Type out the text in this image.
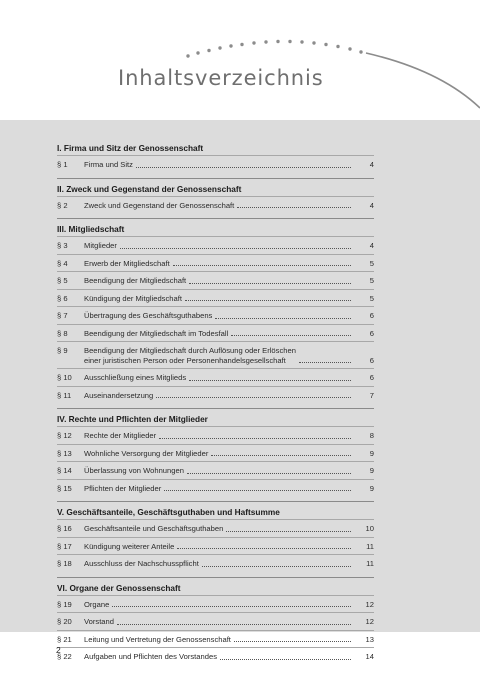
Inhaltsverzeichnis
I. Firma und Sitz der Genossenschaft
§ 1	Firma und Sitz	4
II. Zweck und Gegenstand der Genossenschaft
§ 2	Zweck und Gegenstand der Genossenschaft	4
III. Mitgliedschaft
§ 3	Mitglieder	4
§ 4	Erwerb der Mitgliedschaft	5
§ 5	Beendigung der Mitgliedschaft	5
§ 6	Kündigung der Mitgliedschaft	5
§ 7	Übertragung des Geschäftsguthabens	6
§ 8	Beendigung der Mitgliedschaft im Todesfall	6
§ 9	Beendigung der Mitgliedschaft durch Auflösung oder Erlöschen
einer juristischen Person oder Personenhandelsgesellschaft	6
§ 10	Ausschließung eines Mitglieds	6
§ 11	Auseinandersetzung	7
IV. Rechte und Pflichten der Mitglieder
§ 12	Rechte der Mitglieder	8
§ 13	Wohnliche Versorgung der Mitglieder	9
§ 14	Überlassung von Wohnungen	9
§ 15	Pflichten der Mitglieder	9
V. Geschäftsanteile, Geschäftsguthaben und Haftsumme
§ 16	Geschäftsanteile und Geschäftsguthaben	10
§ 17	Kündigung weiterer Anteile	11
§ 18	Ausschluss der Nachschusspflicht	11
VI. Organe der Genossenschaft
§ 19	Organe	12
§ 20	Vorstand	12
§ 21	Leitung und Vertretung der Genossenschaft	13
§ 22	Aufgaben und Pflichten des Vorstandes	14
2
